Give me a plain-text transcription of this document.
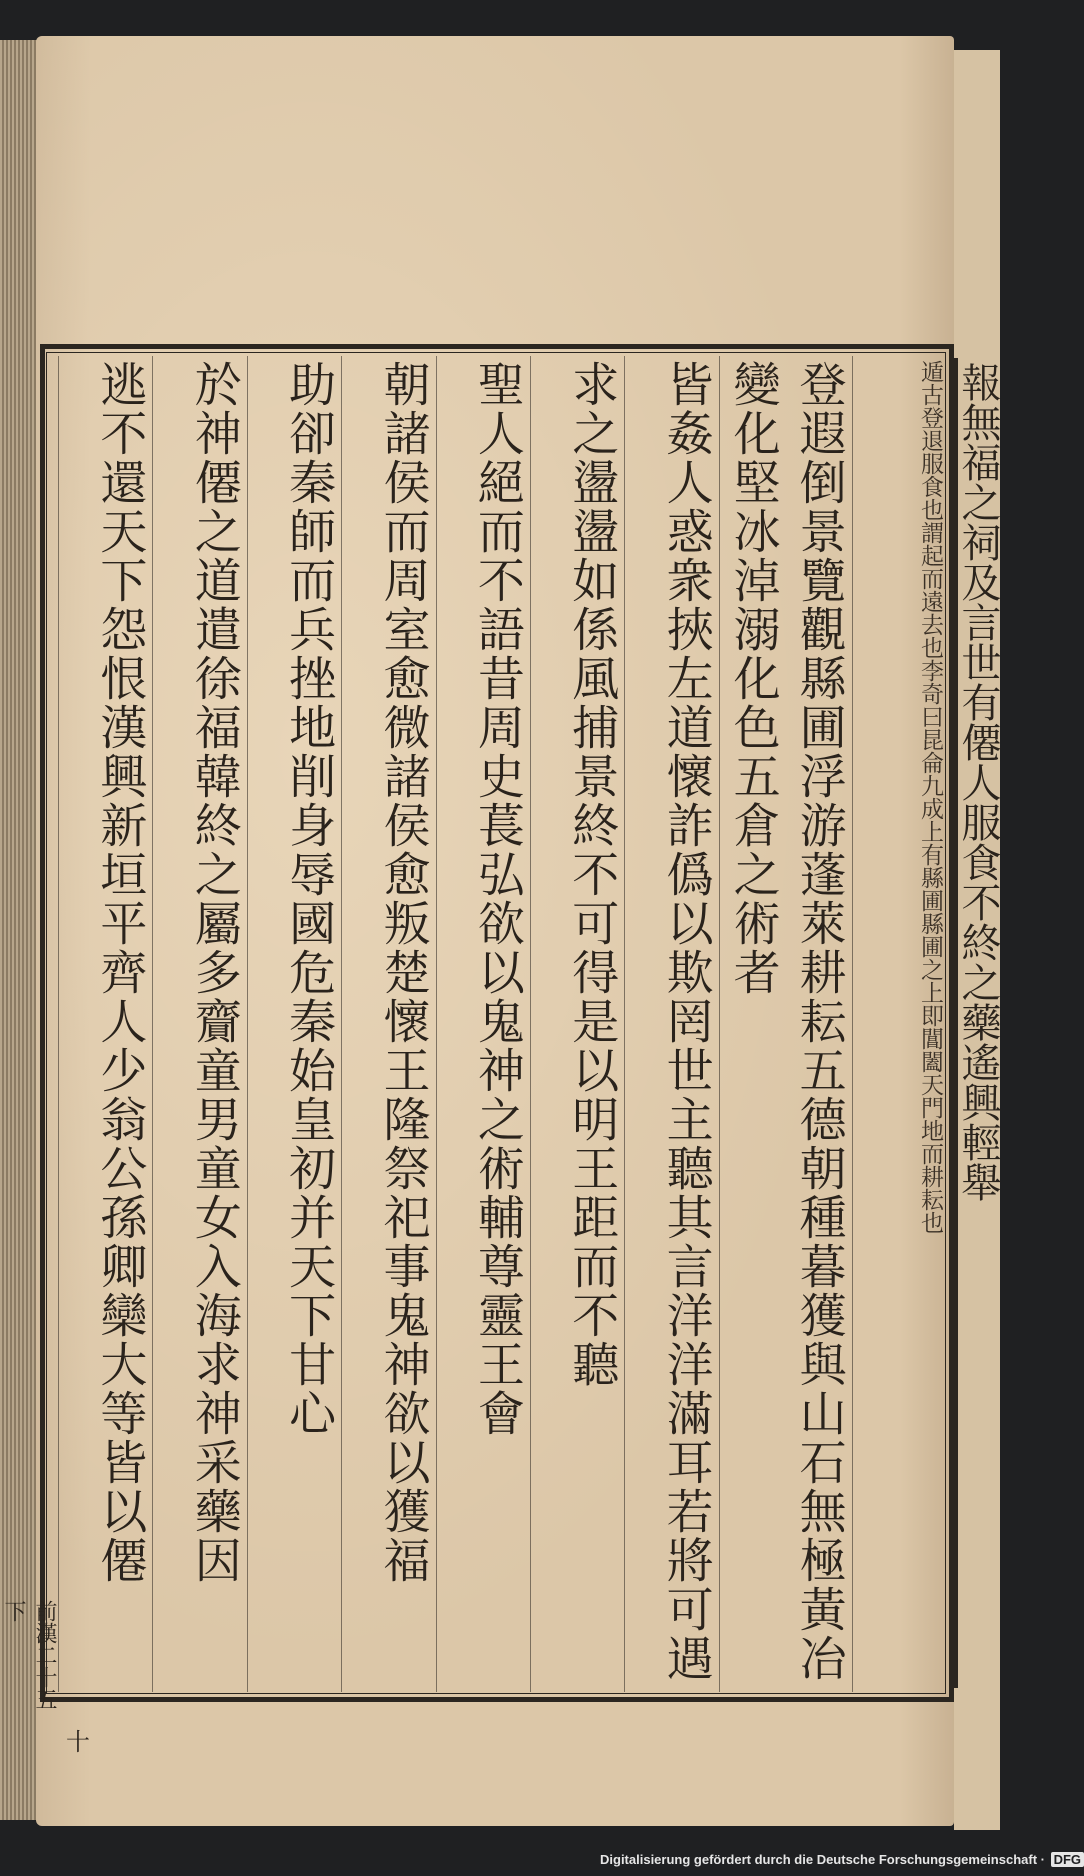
報無福之祠及言世有僊人服食不終之藥遙興輕舉
遁古登退服食也謂起而遠去也李奇曰昆侖九成上有縣圃縣圃之上即閶闔天門地而耕耘也
登遐倒景覽觀縣圃浮游蓬萊耕耘五德朝種暮獲與山石無極黃冶變化堅冰淖溺化色五倉之術者
皆姦人惑衆挾左道懷詐僞以欺罔世主聽其言洋洋滿耳若將可遇
求之盪盪如係風捕景終不可得是以明王距而不聽
聖人絕而不語昔周史萇弘欲以鬼神之術輔尊靈王會
朝諸侯而周室愈微諸侯愈叛楚懷王隆祭祀事鬼神欲以獲福
助卻秦師而兵挫地削身辱國危秦始皇初并天下甘心
於神僊之道遣徐福韓終之屬多齎童男童女入海求神采藥因
逃不還天下怨恨漢興新垣平齊人少翁公孫卿欒大等皆以僊
前漢二十五下
十
Digitalisierung gefördert durch die Deutsche Forschungsgemeinschaft · DFG
